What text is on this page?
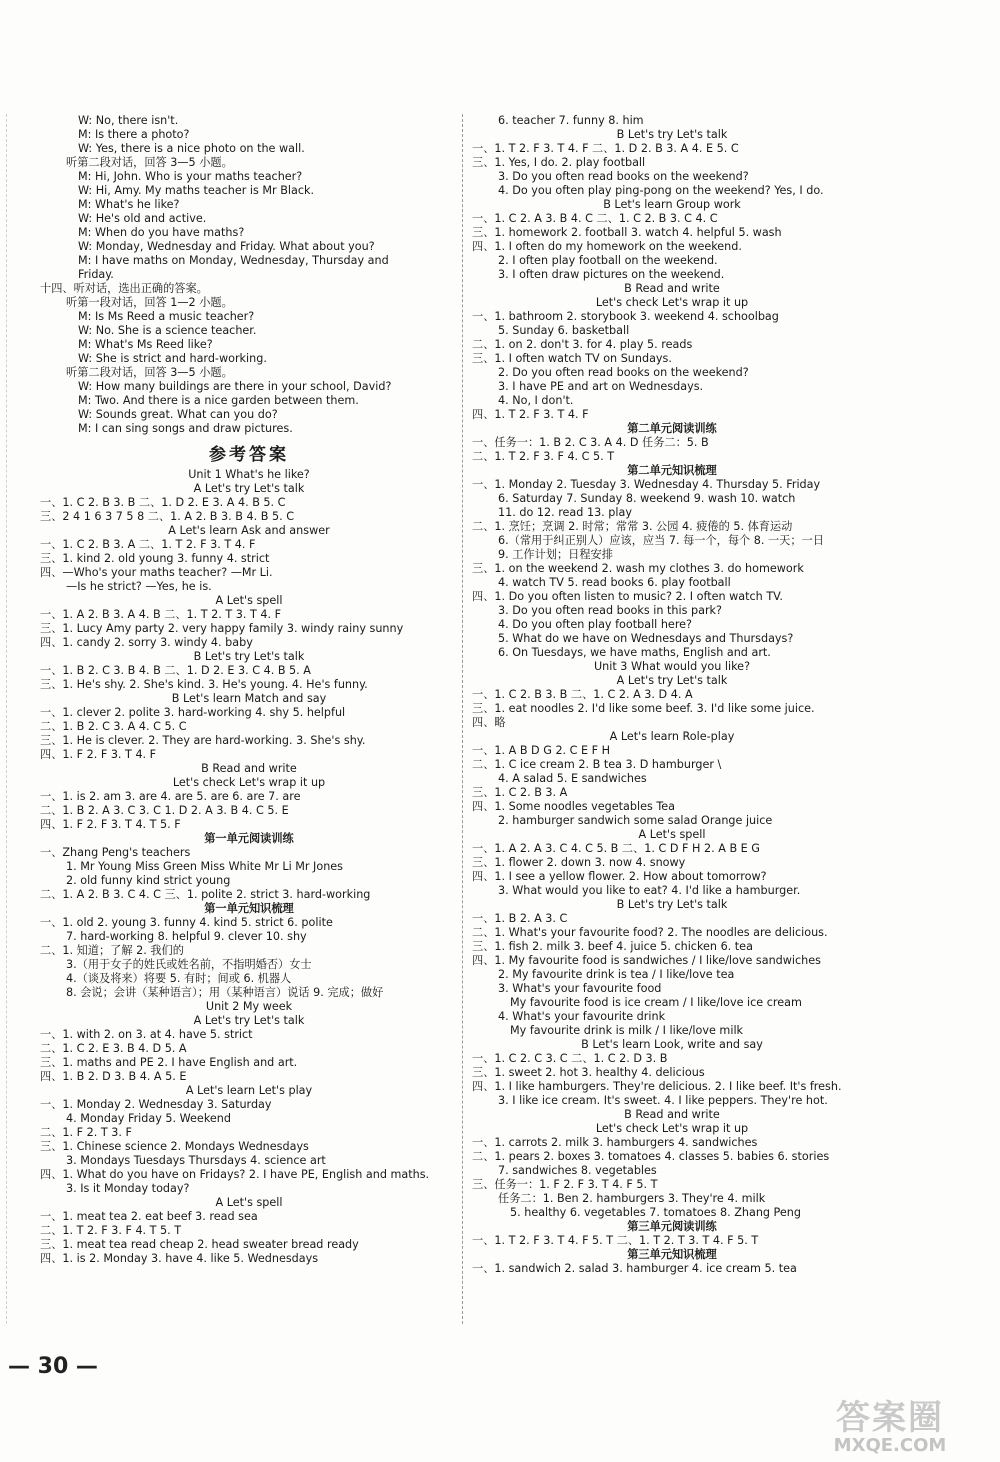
W: No, there isn't.
M: Is there a photo?
W: Yes, there is a nice photo on the wall.
听第二段对话，回答 3—5 小题。
M: Hi, John. Who is your maths teacher?
W: Hi, Amy. My maths teacher is Mr Black.
M: What's he like?
W: He's old and active.
M: When do you have maths?
W: Monday, Wednesday and Friday. What about you?
M: I have maths on Monday, Wednesday, Thursday and
Friday.
十四、听对话，选出正确的答案。
听第一段对话，回答 1—2 小题。
M: Is Ms Reed a music teacher?
W: No. She is a science teacher.
M: What's Ms Reed like?
W: She is strict and hard-working.
听第二段对话，回答 3—5 小题。
W: How many buildings are there in your school, David?
M: Two. And there is a nice garden between them.
W: Sounds great. What can you do?
M: I can sing songs and draw pictures.
参考答案
Unit 1 What's he like?
A Let's try Let's talk
一、1. C 2. B 3. B 二、1. D 2. E 3. A 4. B 5. C
三、2 4 1 6 3 7 5 8 二、1. A 2. B 3. B 4. B 5. C
A Let's learn Ask and answer
一、1. C 2. B 3. A 二、1. T 2. F 3. T 4. F
三、1. kind 2. old young 3. funny 4. strict
四、—Who's your maths teacher? —Mr Li.
—Is he strict? —Yes, he is.
A Let's spell
一、1. A 2. B 3. A 4. B 二、1. T 2. T 3. T 4. F
三、1. Lucy Amy party 2. very happy family 3. windy rainy sunny
四、1. candy 2. sorry 3. windy 4. baby
B Let's try Let's talk
一、1. B 2. C 3. B 4. B 二、1. D 2. E 3. C 4. B 5. A
三、1. He's shy. 2. She's kind. 3. He's young. 4. He's funny.
B Let's learn Match and say
一、1. clever 2. polite 3. hard-working 4. shy 5. helpful
二、1. B 2. C 3. A 4. C 5. C
三、1. He is clever. 2. They are hard-working. 3. She's shy.
四、1. F 2. F 3. T 4. F
B Read and write
Let's check Let's wrap it up
一、1. is 2. am 3. are 4. are 5. are 6. are 7. are
二、1. B 2. A 3. C 3. C 1. D 2. A 3. B 4. C 5. E
四、1. F 2. F 3. T 4. T 5. F
第一单元阅读训练
一、Zhang Peng's teachers
1. Mr Young Miss Green Miss White Mr Li Mr Jones
2. old funny kind strict young
二、1. A 2. B 3. C 4. C 三、1. polite 2. strict 3. hard-working
第一单元知识梳理
一、1. old 2. young 3. funny 4. kind 5. strict 6. polite
7. hard-working 8. helpful 9. clever 10. shy
二、1. 知道；了解 2. 我们的
3.（用于女子的姓氏或姓名前，不指明婚否）女士
4.（谈及将来）将要 5. 有时；间或 6. 机器人
8. 会说；会讲（某种语言）；用（某种语言）说话 9. 完成；做好
Unit 2 My week
A Let's try Let's talk
一、1. with 2. on 3. at 4. have 5. strict
二、1. C 2. E 3. B 4. D 5. A
三、1. maths and PE 2. I have English and art.
四、1. B 2. D 3. B 4. A 5. E
A Let's learn Let's play
一、1. Monday 2. Wednesday 3. Saturday
4. Monday Friday 5. Weekend
二、1. F 2. T 3. F
三、1. Chinese science 2. Mondays Wednesdays
3. Mondays Tuesdays Thursdays 4. science art
四、1. What do you have on Fridays? 2. I have PE, English and maths.
3. Is it Monday today?
A Let's spell
一、1. meat tea 2. eat beef 3. read sea
二、1. T 2. F 3. F 4. T 5. T
三、1. meat tea read cheap 2. head sweater bread ready
四、1. is 2. Monday 3. have 4. like 5. Wednesdays
6. teacher 7. funny 8. him
B Let's try Let's talk
一、1. T 2. F 3. T 4. F 二、1. D 2. B 3. A 4. E 5. C
三、1. Yes, I do. 2. play football
3. Do you often read books on the weekend?
4. Do you often play ping-pong on the weekend? Yes, I do.
B Let's learn Group work
一、1. C 2. A 3. B 4. C 二、1. C 2. B 3. C 4. C
三、1. homework 2. football 3. watch 4. helpful 5. wash
四、1. I often do my homework on the weekend.
2. I often play football on the weekend.
3. I often draw pictures on the weekend.
B Read and write
Let's check Let's wrap it up
一、1. bathroom 2. storybook 3. weekend 4. schoolbag
5. Sunday 6. basketball
二、1. on 2. don't 3. for 4. play 5. reads
三、1. I often watch TV on Sundays.
2. Do you often read books on the weekend?
3. I have PE and art on Wednesdays.
4. No, I don't.
四、1. T 2. F 3. T 4. F
第二单元阅读训练
一、任务一：1. B 2. C 3. A 4. D 任务二：5. B
二、1. T 2. F 3. F 4. C 5. T
第二单元知识梳理
一、1. Monday 2. Tuesday 3. Wednesday 4. Thursday 5. Friday
6. Saturday 7. Sunday 8. weekend 9. wash 10. watch
11. do 12. read 13. play
二、1. 烹饪；烹调 2. 时常；常常 3. 公园 4. 疲倦的 5. 体育运动
6.（常用于纠正别人）应该，应当 7. 每一个，每个 8. 一天；一日
9. 工作计划；日程安排
三、1. on the weekend 2. wash my clothes 3. do homework
4. watch TV 5. read books 6. play football
四、1. Do you often listen to music? 2. I often watch TV.
3. Do you often read books in this park?
4. Do you often play football here?
5. What do we have on Wednesdays and Thursdays?
6. On Tuesdays, we have maths, English and art.
Unit 3 What would you like?
A Let's try Let's talk
一、1. C 2. B 3. B 二、1. C 2. A 3. D 4. A
三、1. eat noodles 2. I'd like some beef. 3. I'd like some juice.
四、略
A Let's learn Role-play
一、1. A B D G 2. C E F H
二、1. C ice cream 2. B tea 3. D hamburger \
4. A salad 5. E sandwiches
三、1. C 2. B 3. A
四、1. Some noodles vegetables Tea
2. hamburger sandwich some salad Orange juice
A Let's spell
一、1. A 2. A 3. C 4. C 5. B 二、1. C D F H 2. A B E G
三、1. flower 2. down 3. now 4. snowy
四、1. I see a yellow flower. 2. How about tomorrow?
3. What would you like to eat? 4. I'd like a hamburger.
B Let's try Let's talk
一、1. B 2. A 3. C
二、1. What's your favourite food? 2. The noodles are delicious.
三、1. fish 2. milk 3. beef 4. juice 5. chicken 6. tea
四、1. My favourite food is sandwiches / I like/love sandwiches
2. My favourite drink is tea / I like/love tea
3. What's your favourite food
My favourite food is ice cream / I like/love ice cream
4. What's your favourite drink
My favourite drink is milk / I like/love milk
B Let's learn Look, write and say
一、1. C 2. C 3. C 二、1. C 2. D 3. B
三、1. sweet 2. hot 3. healthy 4. delicious
四、1. I like hamburgers. They're delicious. 2. I like beef. It's fresh.
3. I like ice cream. It's sweet. 4. I like peppers. They're hot.
B Read and write
Let's check Let's wrap it up
一、1. carrots 2. milk 3. hamburgers 4. sandwiches
二、1. pears 2. boxes 3. tomatoes 4. classes 5. babies 6. stories
7. sandwiches 8. vegetables
三、任务一：1. F 2. F 3. T 4. F 5. T
任务二：1. Ben 2. hamburgers 3. They're 4. milk
5. healthy 6. vegetables 7. tomatoes 8. Zhang Peng
第三单元阅读训练
一、1. T 2. F 3. T 4. F 5. T 二、1. T 2. T 3. T 4. F 5. T
第三单元知识梳理
一、1. sandwich 2. salad 3. hamburger 4. ice cream 5. tea
— 30 —
答案圈
MXQE.COM
